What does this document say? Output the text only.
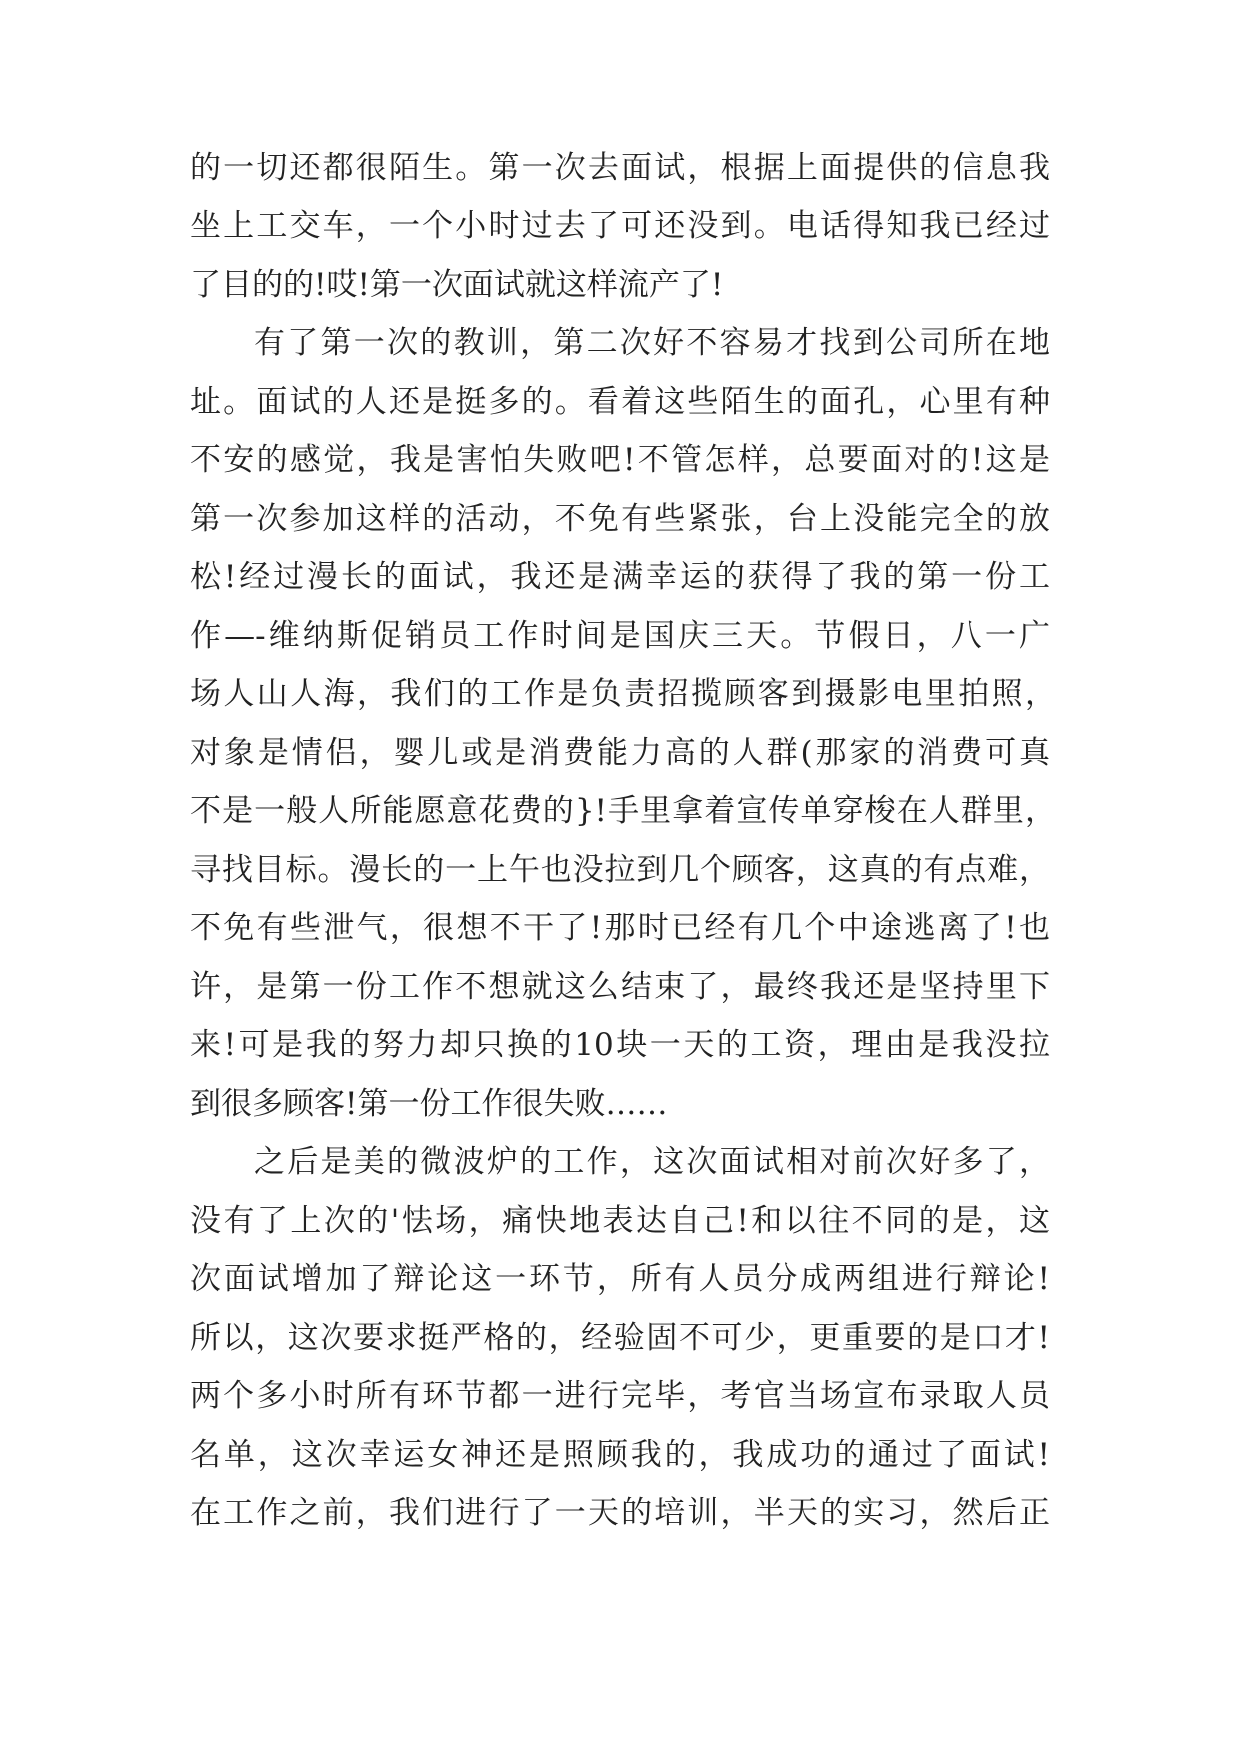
的一切还都很陌生。第一次去面试，根据上面提供的信息我
坐上工交车，一个小时过去了可还没到。电话得知我已经过
了目的的!哎!第一次面试就这样流产了!
有了第一次的教训，第二次好不容易才找到公司所在地
址。面试的人还是挺多的。看着这些陌生的面孔，心里有种
不安的感觉，我是害怕失败吧!不管怎样，总要面对的!这是
第一次参加这样的活动，不免有些紧张，台上没能完全的放
松!经过漫长的面试，我还是满幸运的获得了我的第一份工
作—-维纳斯促销员工作时间是国庆三天。节假日，八一广
场人山人海，我们的工作是负责招揽顾客到摄影电里拍照，
对象是情侣，婴儿或是消费能力高的人群(那家的消费可真
不是一般人所能愿意花费的}!手里拿着宣传单穿梭在人群里，
寻找目标。漫长的一上午也没拉到几个顾客，这真的有点难，
不免有些泄气，很想不干了!那时已经有几个中途逃离了!也
许，是第一份工作不想就这么结束了，最终我还是坚持里下
来!可是我的努力却只换的10块一天的工资，理由是我没拉
到很多顾客!第一份工作很失败……
之后是美的微波炉的工作，这次面试相对前次好多了，
没有了上次的'怯场，痛快地表达自己!和以往不同的是，这
次面试增加了辩论这一环节，所有人员分成两组进行辩论!
所以，这次要求挺严格的，经验固不可少，更重要的是口才!
两个多小时所有环节都一进行完毕，考官当场宣布录取人员
名单，这次幸运女神还是照顾我的，我成功的通过了面试!
在工作之前，我们进行了一天的培训，半天的实习，然后正
